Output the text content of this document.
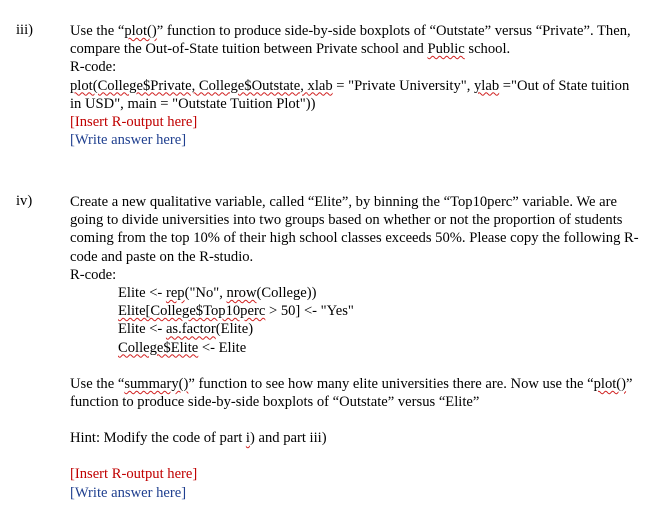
iii)	Use the “plot()” function to produce side-by-side boxplots of “Outstate” versus “Private”. Then, compare the Out-of-State tuition between Private school and Public school.
R-code:
plot(College$Private, College$Outstate, xlab = "Private University", ylab ="Out of State tuition in USD", main = "Outstate Tuition Plot"))
[Insert R-output here]
[Write answer here]
iv)	Create a new qualitative variable, called “Elite”, by binning the “Top10perc” variable. We are going to divide universities into two groups based on whether or not the proportion of students coming from the top 10% of their high school classes exceeds 50%. Please copy the following R-code and paste on the R-studio.
R-code:
Elite <- rep("No", nrow(College))
Elite[College$Top10perc > 50] <- "Yes"
Elite <- as.factor(Elite)
College$Elite <- Elite
Use the “summary()” function to see how many elite universities there are. Now use the “plot()” function to produce side-by-side boxplots of “Outstate” versus “Elite”
Hint: Modify the code of part i) and part iii)
[Insert R-output here]
[Write answer here]
